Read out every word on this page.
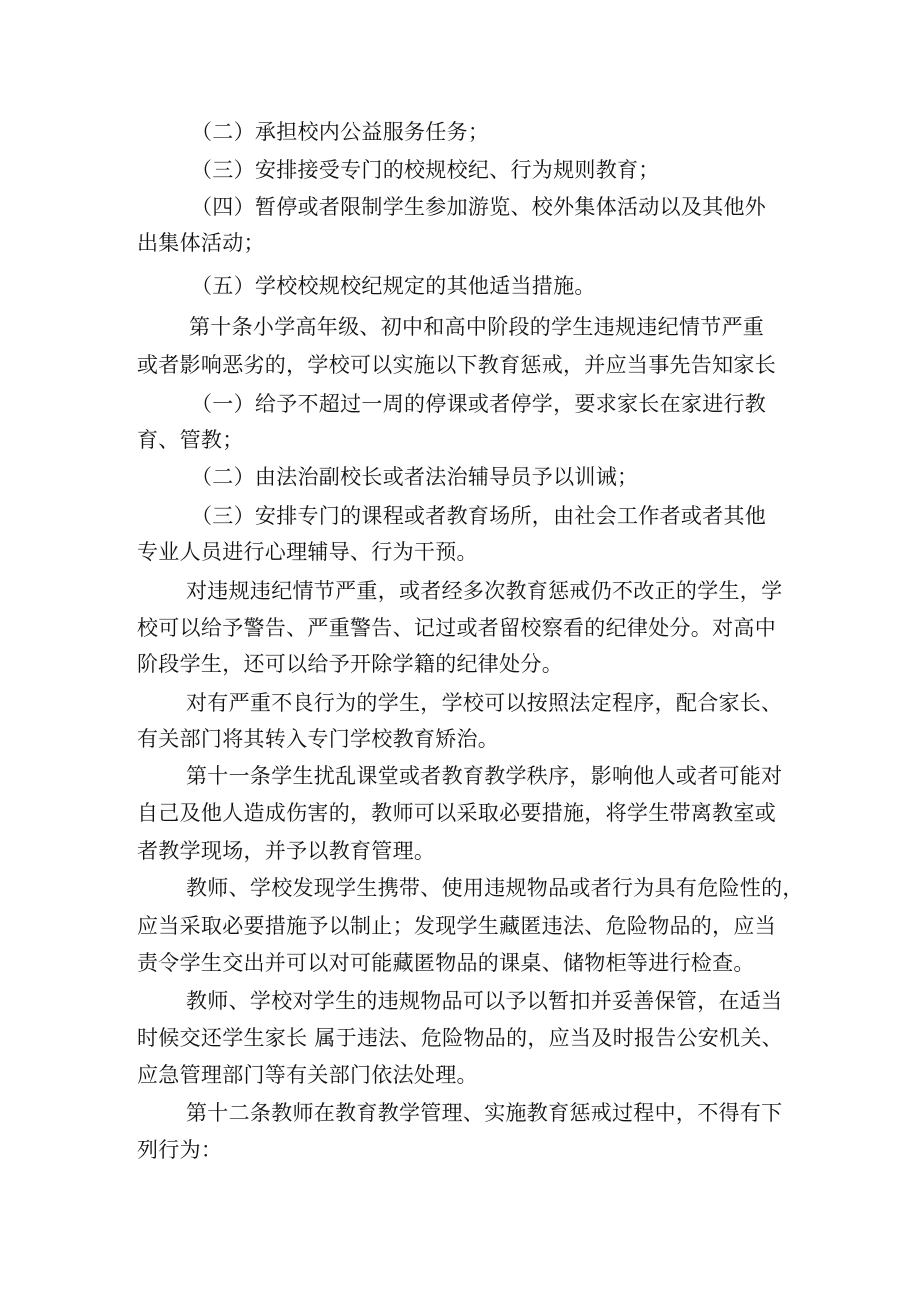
（二）承担校内公益服务任务；
（三）安排接受专门的校规校纪、行为规则教育；
（四）暂停或者限制学生参加游览、校外集体活动以及其他外
出集体活动；
（五）学校校规校纪规定的其他适当措施。
第十条小学高年级、初中和高中阶段的学生违规违纪情节严重
或者影响恶劣的，学校可以实施以下教育惩戒，并应当事先告知家长
（一）给予不超过一周的停课或者停学，要求家长在家进行教
育、管教；
（二）由法治副校长或者法治辅导员予以训诫；
（三）安排专门的课程或者教育场所，由社会工作者或者其他
专业人员进行心理辅导、行为干预。
对违规违纪情节严重，或者经多次教育惩戒仍不改正的学生，学
校可以给予警告、严重警告、记过或者留校察看的纪律处分。对高中
阶段学生，还可以给予开除学籍的纪律处分。
对有严重不良行为的学生，学校可以按照法定程序，配合家长、
有关部门将其转入专门学校教育矫治。
第十一条学生扰乱课堂或者教育教学秩序，影响他人或者可能对
自己及他人造成伤害的，教师可以采取必要措施，将学生带离教室或
者教学现场，并予以教育管理。
教师、学校发现学生携带、使用违规物品或者行为具有危险性的，
应当采取必要措施予以制止；发现学生藏匿违法、危险物品的，应当
责令学生交出并可以对可能藏匿物品的课桌、储物柜等进行检查。
教师、学校对学生的违规物品可以予以暂扣并妥善保管，在适当
时候交还学生家长 属于违法、危险物品的，应当及时报告公安机关、
应急管理部门等有关部门依法处理。
第十二条教师在教育教学管理、实施教育惩戒过程中，不得有下
列行为：
